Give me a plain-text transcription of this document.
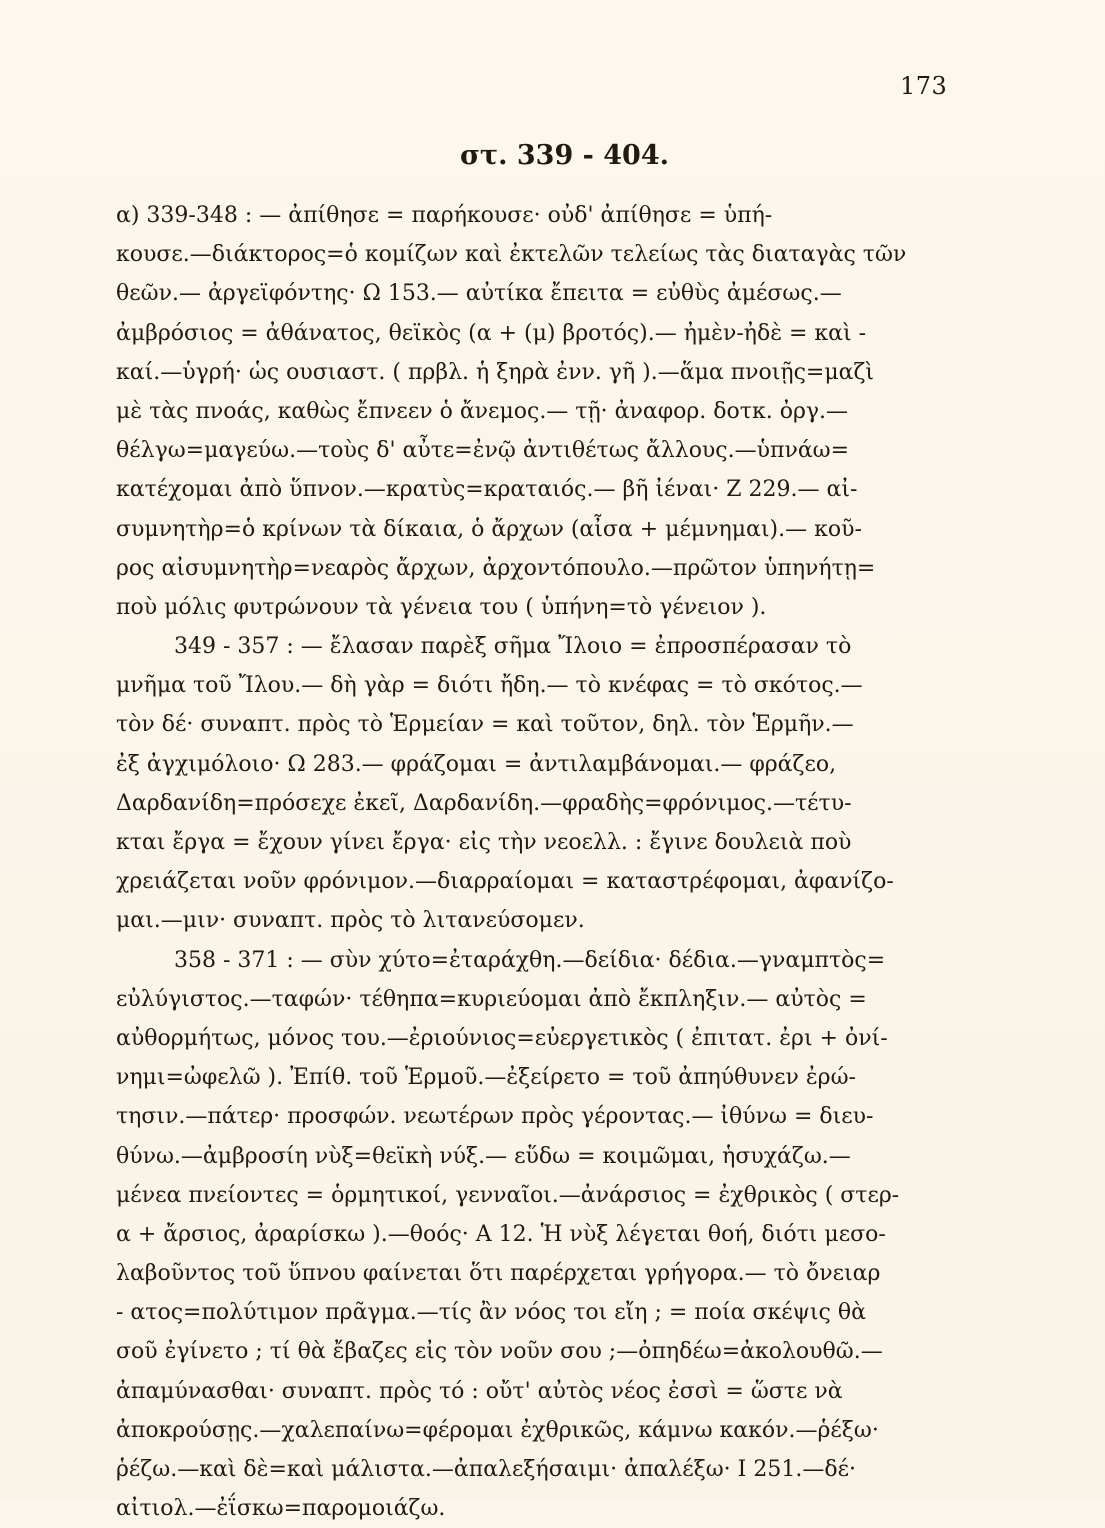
173
στ. 339 - 404.
α) 339-348 : — ἀπίθησε = παρήκουσε· οὐδ' ἀπίθησε = ὑπή-
κουσε.—διάκτορος=ὁ κομίζων καὶ ἐκτελῶν τελείως τὰς διαταγὰς τῶν
θεῶν.— ἀργεϊφόντης· Ω 153.— αὐτίκα ἔπειτα = εὐθὺς ἀμέσως.—
ἀμβρόσιος = ἀθάνατος, θεϊκὸς (α + (μ) βροτός).— ἠμὲν-ἠδὲ = καὶ -
καί.—ὑγρή· ὡς ουσιαστ. ( πρβλ. ἡ ξηρὰ ἐνν. γῆ ).—ἅμα πνοιῇς=μαζὶ
μὲ τὰς πνοάς, καθὼς ἔπνεεν ὁ ἄνεμος.— τῇ· ἀναφορ. δοτκ. ὀργ.—
θέλγω=μαγεύω.—τοὺς δ' αὖτε=ἐνῷ ἀντιθέτως ἄλλους.—ὑπνάω=
κατέχομαι ἀπὸ ὕπνον.—κρατὺς=κραταιός.— βῆ ἰέναι· Ζ 229.— αἰ-
συμνητὴρ=ὁ κρίνων τὰ δίκαια, ὁ ἄρχων (αἶσα + μέμνημαι).— κοῦ-
ρος αἰσυμνητὴρ=νεαρὸς ἄρχων, ἀρχοντόπουλο.—πρῶτον ὑπηνήτῃ=
ποὺ μόλις φυτρώνουν τὰ γένεια του ( ὑπήνη=τὸ γένειον ).
349 - 357 : — ἔλασαν παρὲξ σῆμα Ἴλοιο = ἐπροσπέρασαν τὸ
μνῆμα τοῦ Ἴλου.— δὴ γὰρ = διότι ἤδη.— τὸ κνέφας = τὸ σκότος.—
τὸν δέ· συναπτ. πρὸς τὸ Ἑρμείαν = καὶ τοῦτον, δηλ. τὸν Ἑρμῆν.—
ἐξ ἀγχιμόλοιο· Ω 283.— φράζομαι = ἀντιλαμβάνομαι.— φράζεο,
Δαρδανίδη=πρόσεχε ἐκεῖ, Δαρδανίδη.—φραδὴς=φρόνιμος.—τέτυ-
κται ἔργα = ἔχουν γίνει ἔργα· εἰς τὴν νεοελλ. : ἔγινε δουλειὰ ποὺ
χρειάζεται νοῦν φρόνιμον.—διαρραίομαι = καταστρέφομαι, ἀφανίζο-
μαι.—μιν· συναπτ. πρὸς τὸ λιτανεύσομεν.
358 - 371 : — σὺν χύτο=ἐταράχθη.—δείδια· δέδια.—γναμπτὸς=
εὐλύγιστος.—ταφών· τέθηπα=κυριεύομαι ἀπὸ ἔκπληξιν.— αὐτὸς =
αὐθορμήτως, μόνος του.—ἐριούνιος=εὐεργετικὸς ( ἐπιτατ. ἐρι + ὀνί-
νημι=ὠφελῶ ). Ἐπίθ. τοῦ Ἑρμοῦ.—ἐξείρετο = τοῦ ἀπηύθυνεν ἐρώ-
τησιν.—πάτερ· προσφών. νεωτέρων πρὸς γέροντας.— ἰθύνω = διευ-
θύνω.—ἀμβροσίη νὺξ=θεϊκὴ νύξ.— εὕδω = κοιμῶμαι, ἡσυχάζω.—
μένεα πνείοντες = ὁρμητικοί, γενναῖοι.—ἀνάρσιος = ἐχθρικὸς ( στερ-
α + ἄρσιος, ἀραρίσκω ).—θοός· Α 12. Ἡ νὺξ λέγεται θοή, διότι μεσο-
λαβοῦντος τοῦ ὕπνου φαίνεται ὅτι παρέρχεται γρήγορα.— τὸ ὄνειαρ
- ατος=πολύτιμον πρᾶγμα.—τίς ἂν νόος τοι εἴη ; = ποία σκέψις θὰ
σοῦ ἐγίνετο ; τί θὰ ἔβαζες εἰς τὸν νοῦν σου ;—ὀπηδέω=ἀκολουθῶ.—
ἀπαμύνασθαι· συναπτ. πρὸς τό : οὔτ' αὐτὸς νέος ἐσσὶ = ὥστε νὰ
ἀποκρούσῃς.—χαλεπαίνω=φέρομαι ἐχθρικῶς, κάμνω κακόν.—ῥέξω·
ῥέζω.—καὶ δὲ=καὶ μάλιστα.—ἀπαλεξήσαιμι· ἀπαλέξω· Ι 251.—δέ·
αἰτιολ.—ἐΐσκω=παρομοιάζω.
